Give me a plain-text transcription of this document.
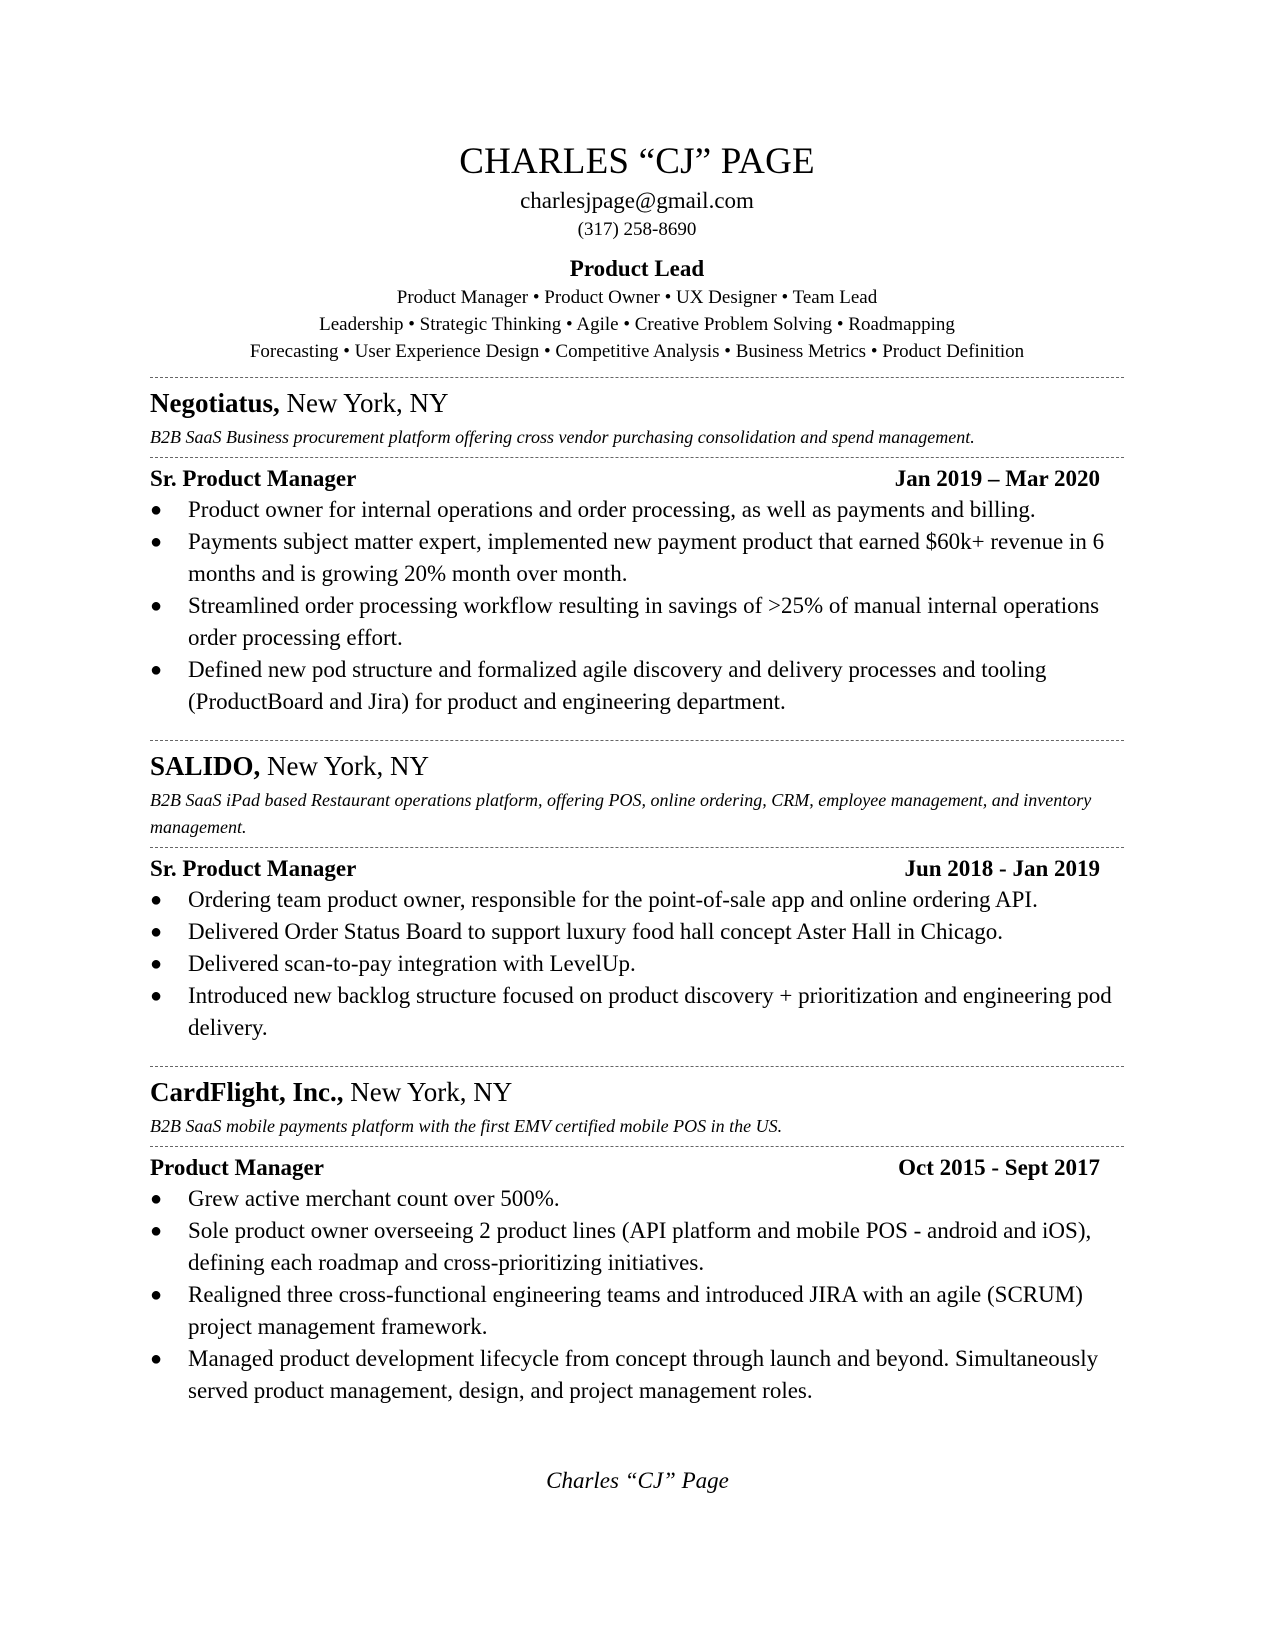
CHARLES “CJ” PAGE
charlesjpage@gmail.com
(317) 258-8690
Product Lead
Product Manager • Product Owner • UX Designer • Team Lead
Leadership • Strategic Thinking • Agile • Creative Problem Solving • Roadmapping
Forecasting • User Experience Design • Competitive Analysis • Business Metrics • Product Definition
Negotiatus, New York, NY
B2B SaaS Business procurement platform offering cross vendor purchasing consolidation and spend management.
Sr. Product Manager	Jan 2019 – Mar 2020
● Product owner for internal operations and order processing, as well as payments and billing.
● Payments subject matter expert, implemented new payment product that earned $60k+ revenue in 6 months and is growing 20% month over month.
● Streamlined order processing workflow resulting in savings of >25% of manual internal operations order processing effort.
● Defined new pod structure and formalized agile discovery and delivery processes and tooling (ProductBoard and Jira) for product and engineering department.
SALIDO, New York, NY
B2B SaaS iPad based Restaurant operations platform, offering POS, online ordering, CRM, employee management, and inventory management.
Sr. Product Manager	Jun 2018 - Jan 2019
● Ordering team product owner, responsible for the point-of-sale app and online ordering API.
● Delivered Order Status Board to support luxury food hall concept Aster Hall in Chicago.
● Delivered scan-to-pay integration with LevelUp.
● Introduced new backlog structure focused on product discovery + prioritization and engineering pod delivery.
CardFlight, Inc., New York, NY
B2B SaaS mobile payments platform with the first EMV certified mobile POS in the US.
Product Manager	Oct 2015 - Sept 2017
● Grew active merchant count over 500%.
● Sole product owner overseeing 2 product lines (API platform and mobile POS - android and iOS), defining each roadmap and cross-prioritizing initiatives.
● Realigned three cross-functional engineering teams and introduced JIRA with an agile (SCRUM) project management framework.
● Managed product development lifecycle from concept through launch and beyond. Simultaneously served product management, design, and project management roles.
Charles “CJ” Page
